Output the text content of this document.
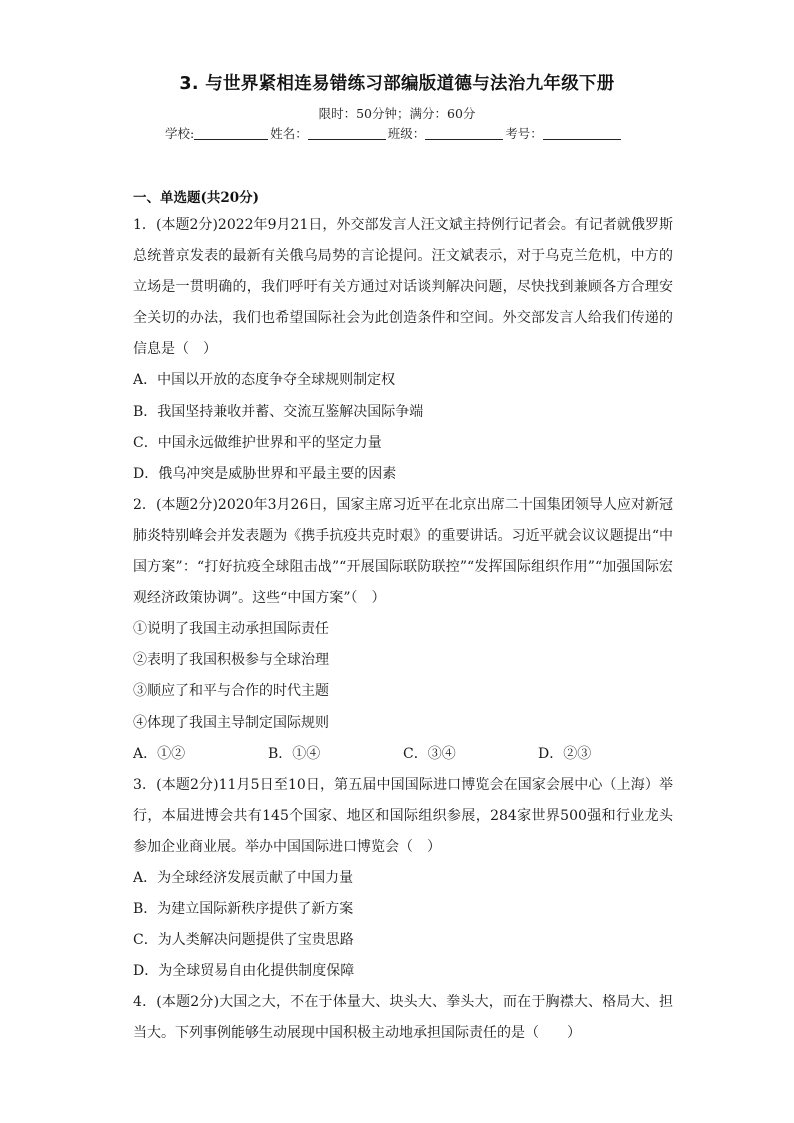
3. 与世界紧相连易错练习部编版道德与法治九年级下册
限时：50分钟；满分：60分
学校:	姓名：	班级：	考号：
一、单选题(共20分)

1．(本题2分)2022年9月21日，外交部发言人汪文斌主持例行记者会。有记者就俄罗斯总统普京发表的最新有关俄乌局势的言论提问。汪文斌表示，对于乌克兰危机，中方的立场是一贯明确的，我们呼吁有关方通过对话谈判解决问题，尽快找到兼顾各方合理安全关切的办法，我们也希望国际社会为此创造条件和空间。外交部发言人给我们传递的信息是（　）

A．中国以开放的态度争夺全球规则制定权

B．我国坚持兼收并蓄、交流互鉴解决国际争端

C．中国永远做维护世界和平的坚定力量

D．俄乌冲突是威胁世界和平最主要的因素

2．(本题2分)2020年3月26日，国家主席习近平在北京出席二十国集团领导人应对新冠肺炎特别峰会并发表题为《携手抗疫共克时艰》的重要讲话。习近平就会议议题提出“中国方案”：“打好抗疫全球阻击战”“开展国际联防联控”“发挥国际组织作用”“加强国际宏观经济政策协调”。这些“中国方案”（　）

①说明了我国主动承担国际责任

②表明了我国积极参与全球治理

③顺应了和平与合作的时代主题

④体现了我国主导制定国际规则

A．①②	B．①④	C．③④	D．②③

3．(本题2分)11月5日至10日，第五届中国国际进口博览会在国家会展中心（上海）举行，本届进博会共有145个国家、地区和国际组织参展，284家世界500强和行业龙头参加企业商业展。举办中国国际进口博览会（　）

A．为全球经济发展贡献了中国力量

B．为建立国际新秩序提供了新方案

C．为人类解决问题提供了宝贵思路

D．为全球贸易自由化提供制度保障

4．(本题2分)大国之大，不在于体量大、块头大、拳头大，而在于胸襟大、格局大、担当大。下列事例能够生动展现中国积极主动地承担国际责任的是（　　）
